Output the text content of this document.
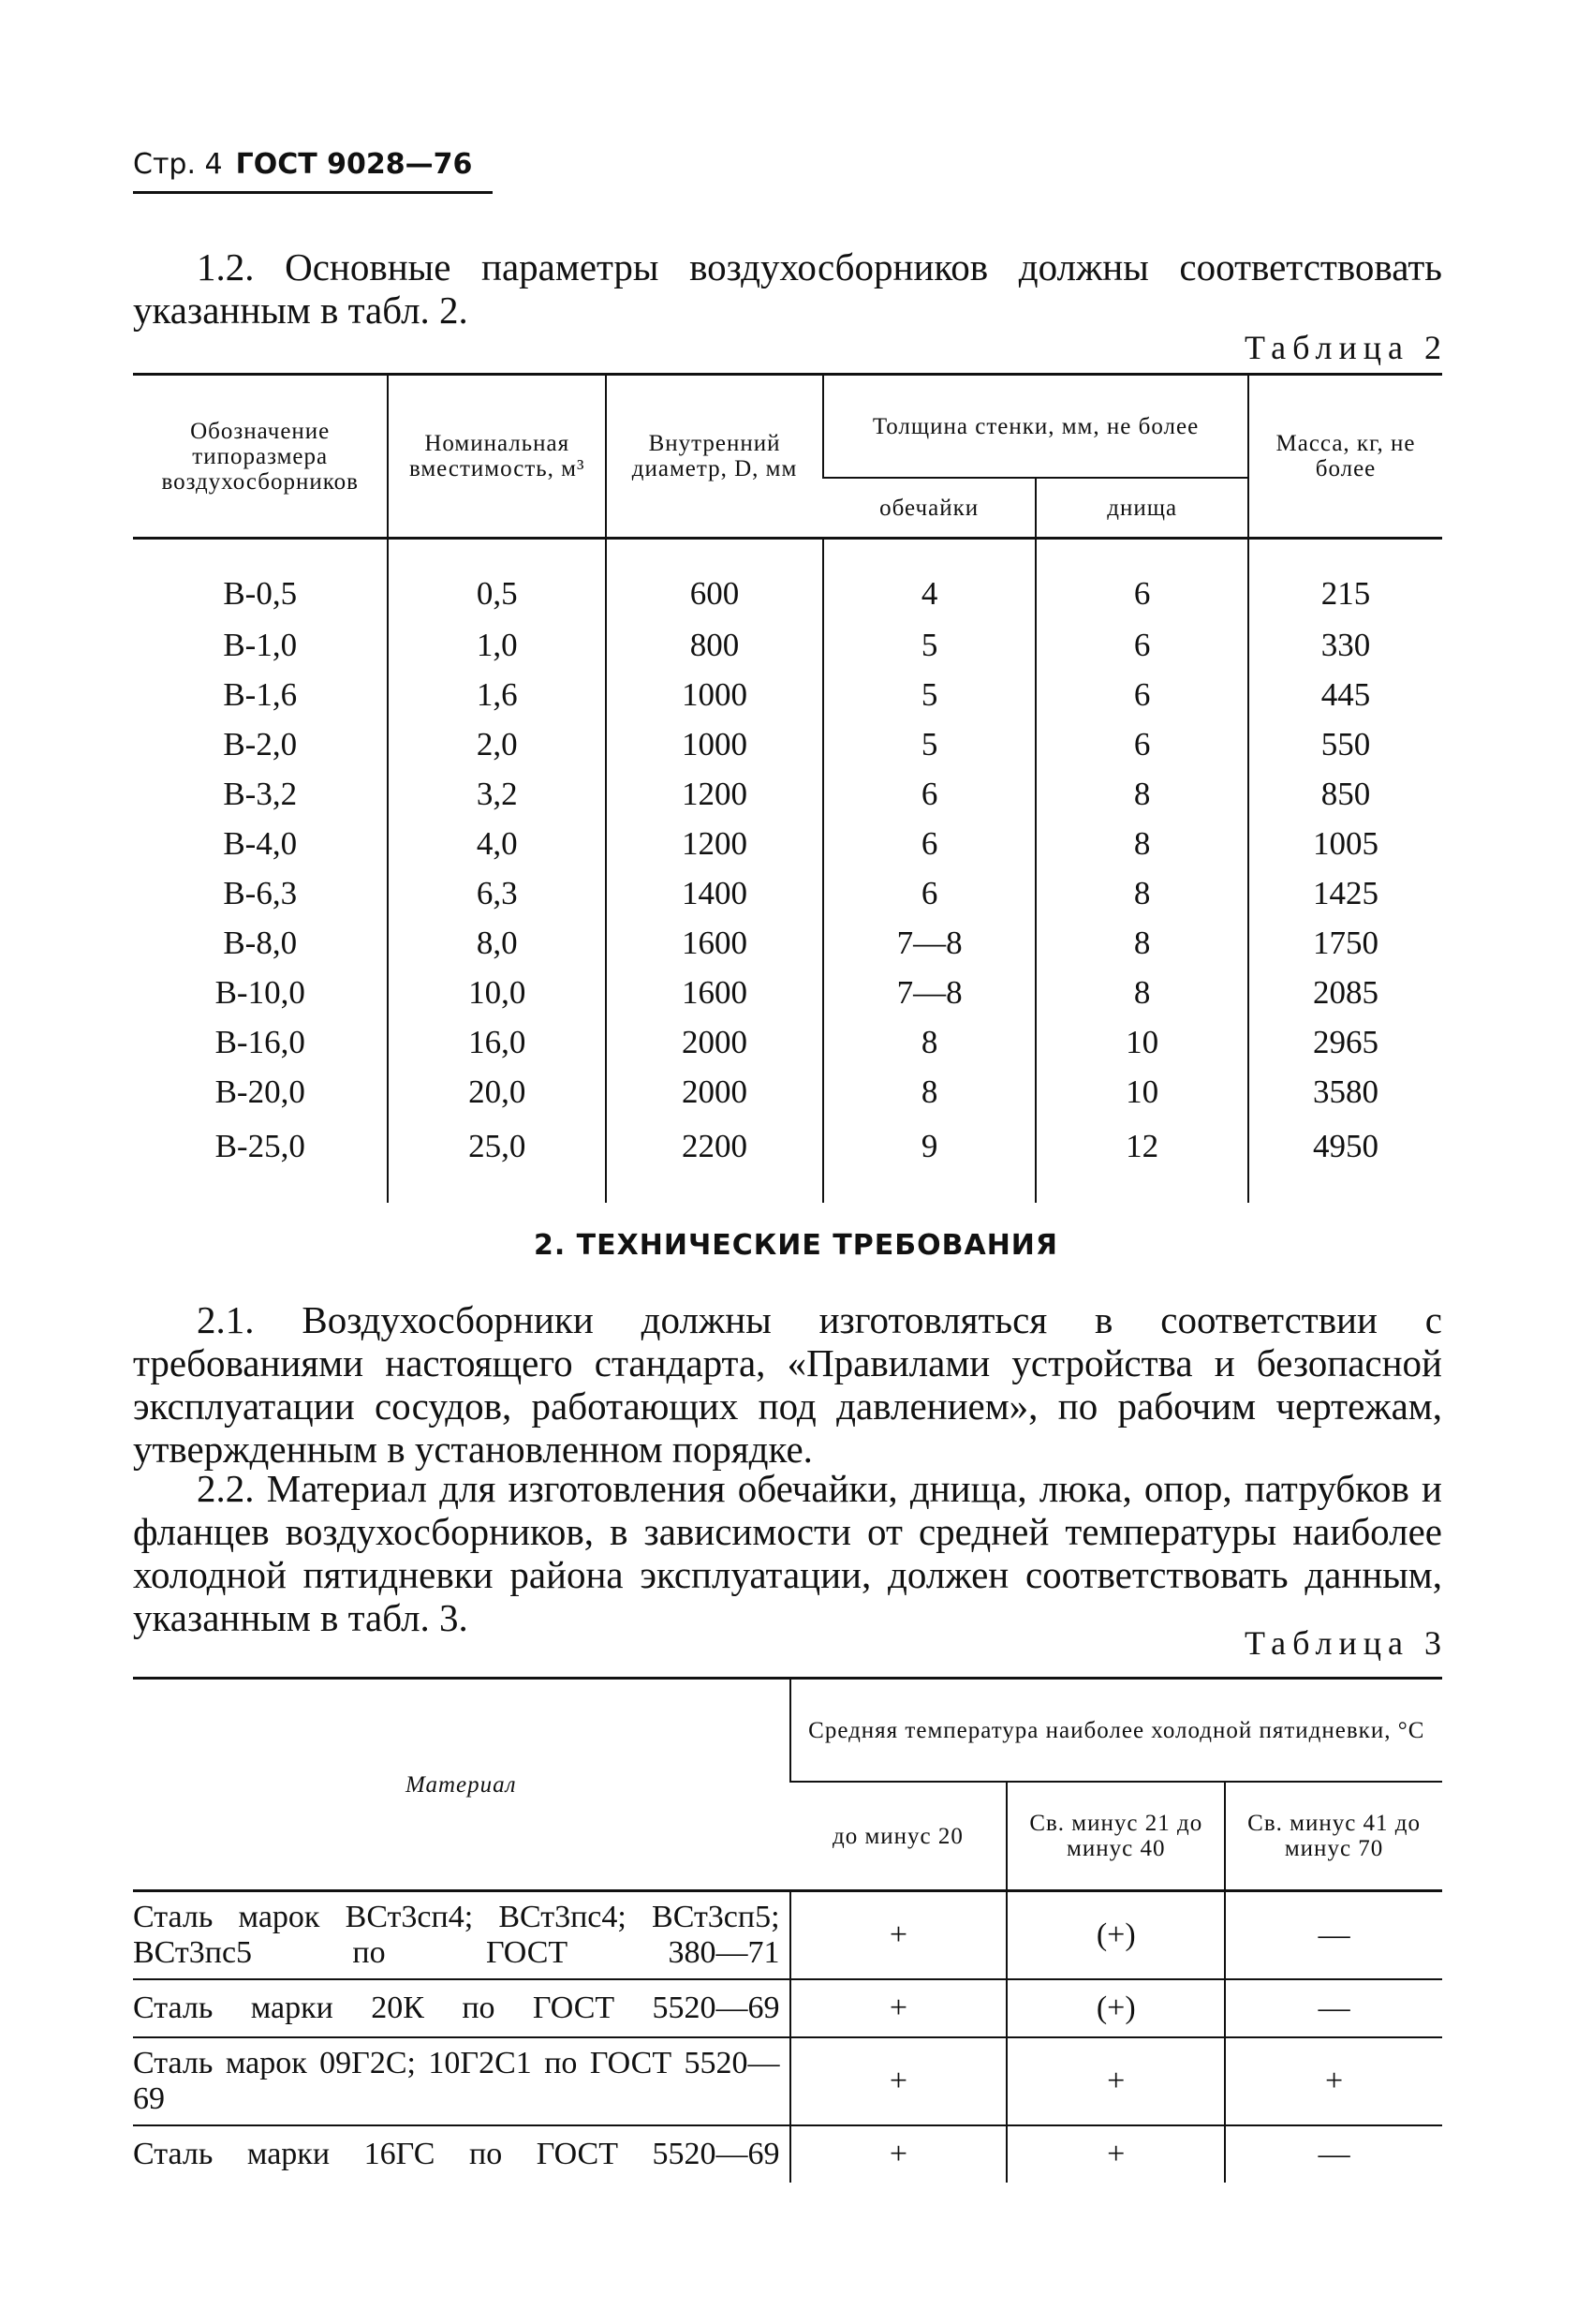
Стр. 4 ГОСТ 9028—76

1.2. Основные параметры воздухосборников должны соответствовать указанным в табл. 2.

Таблица 2
Обозначение типоразмера воздухосборников	Номинальная вместимость, м³	Внутренний диаметр, D, мм	Толщина стенки, мм, не более		Масса, кг, не более
			обечайки	днища	
В-0,5	0,5	600	4	6	215
В-1,0	1,0	800	5	6	330
В-1,6	1,6	1000	5	6	445
В-2,0	2,0	1000	5	6	550
В-3,2	3,2	1200	6	8	850
В-4,0	4,0	1200	6	8	1005
В-6,3	6,3	1400	6	8	1425
В-8,0	8,0	1600	7—8	8	1750
В-10,0	10,0	1600	7—8	8	2085
В-16,0	16,0	2000	8	10	2965
В-20,0	20,0	2000	8	10	3580
В-25,0	25,0	2200	9	12	4950
2. ТЕХНИЧЕСКИЕ ТРЕБОВАНИЯ

2.1. Воздухосборники должны изготовляться в соответствии с требованиями настоящего стандарта, «Правилами устройства и безопасной эксплуатации сосудов, работающих под давлением», по рабочим чертежам, утвержденным в установленном порядке.

2.2. Материал для изготовления обечайки, днища, люка, опор, патрубков и фланцев воздухосборников, в зависимости от средней температуры наиболее холодной пятидневки района эксплуатации, должен соответствовать данным, указанным в табл. 3.

Таблица 3
Материал	Средняя температура наиболее холодной пятидневки, °С		
	до минус 20	Св. минус 21 до минус 40	Св. минус 41 до минус 70
Сталь марок ВСт3сп4; ВСт3пс4; ВСт3сп5; ВСт3пс5 по ГОСТ 380—71	+	(+)	—
Сталь марки 20К по ГОСТ 5520—69	+	(+)	—
Сталь марок 09Г2С; 10Г2С1 по ГОСТ 5520—69	+	+	+
Сталь марки 16ГС по ГОСТ 5520—69	+	+	—
